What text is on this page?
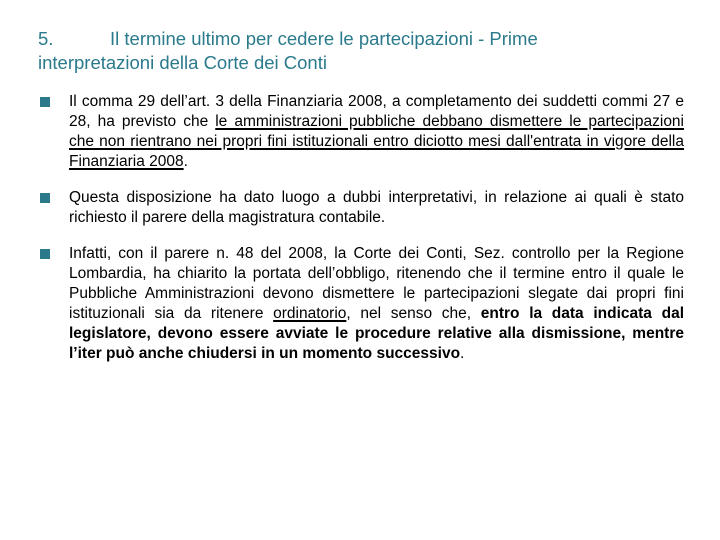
5.	Il termine ultimo per cedere le partecipazioni - Prime
interpretazioni della Corte dei Conti
Il comma 29 dell’art. 3 della Finanziaria 2008, a completamento dei suddetti commi 27 e 28, ha previsto che le amministrazioni pubbliche debbano dismettere le partecipazioni che non rientrano nei propri fini istituzionali entro diciotto mesi dall'entrata in vigore della Finanziaria 2008.
Questa disposizione ha dato luogo a dubbi interpretativi, in relazione ai quali è stato richiesto il parere della magistratura contabile.
Infatti, con il parere n. 48 del 2008, la Corte dei Conti, Sez. controllo per la Regione Lombardia, ha chiarito la portata dell’obbligo, ritenendo che il termine entro il quale le Pubbliche Amministrazioni devono dismettere le partecipazioni slegate dai propri fini istituzionali sia da ritenere ordinatorio, nel senso che, entro la data indicata dal legislatore, devono essere avviate le procedure relative alla dismissione, mentre l’iter può anche chiudersi in un momento successivo.
